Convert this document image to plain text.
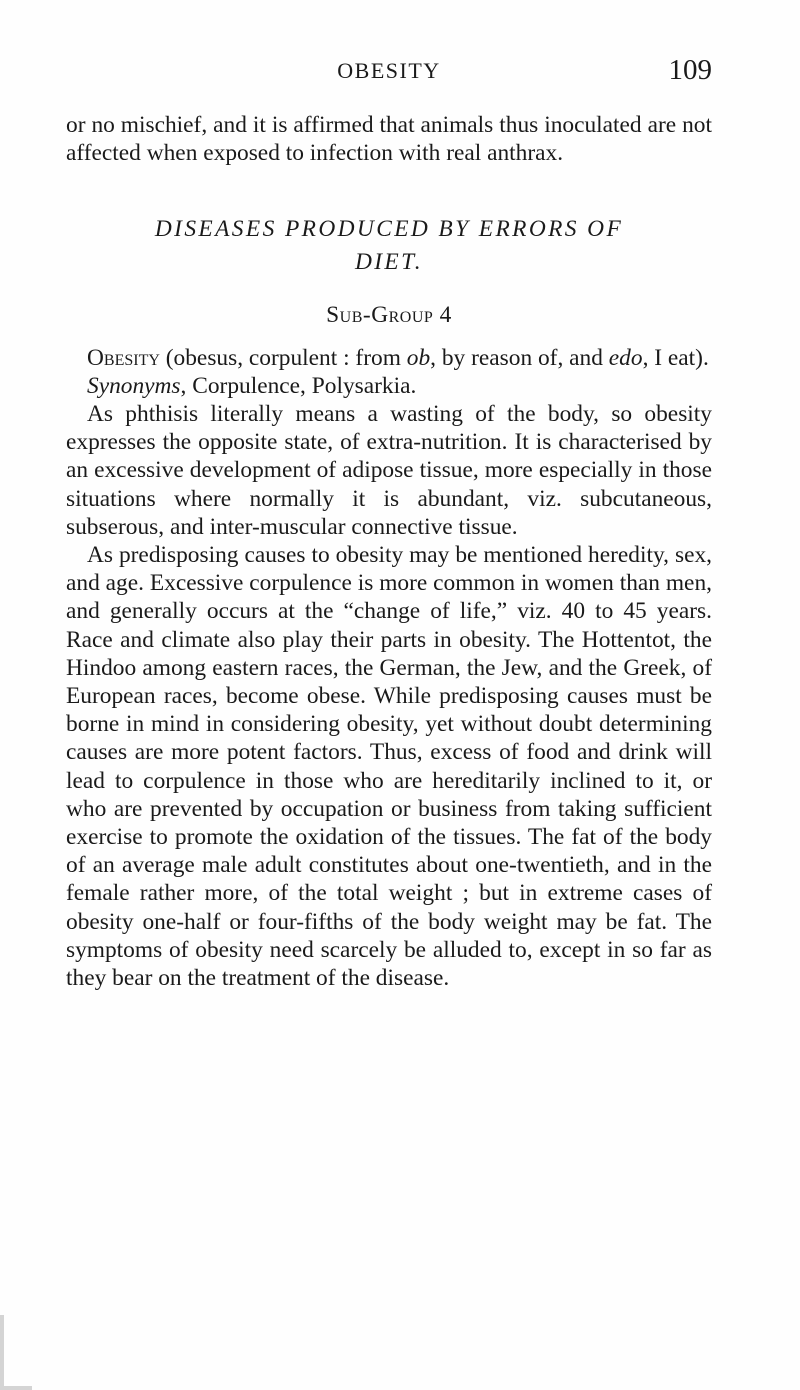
OBESITY	109

or no mischief, and it is affirmed that animals thus inoculated are not affected when exposed to infection with real anthrax.

DISEASES PRODUCED BY ERRORS OF
DIET.
Sub-Group 4

Obesity (obesus, corpulent : from ob, by reason of, and edo, I eat).

Synonyms, Corpulence, Polysarkia.

As phthisis literally means a wasting of the body, so obesity expresses the opposite state, of extra-nutrition. It is characterised by an excessive development of adipose tissue, more especially in those situations where normally it is abundant, viz. subcutaneous, subserous, and inter-muscular connective tissue.

As predisposing causes to obesity may be mentioned heredity, sex, and age. Excessive corpulence is more common in women than men, and generally occurs at the “change of life,” viz. 40 to 45 years. Race and climate also play their parts in obesity. The Hottentot, the Hindoo among eastern races, the German, the Jew, and the Greek, of European races, become obese. While predisposing causes must be borne in mind in considering obesity, yet without doubt determining causes are more potent factors. Thus, excess of food and drink will lead to corpulence in those who are hereditarily inclined to it, or who are prevented by occupation or business from taking sufficient exercise to promote the oxidation of the tissues. The fat of the body of an average male adult constitutes about one-twentieth, and in the female rather more, of the total weight ; but in extreme cases of obesity one-half or four-fifths of the body weight may be fat. The symptoms of obesity need scarcely be alluded to, except in so far as they bear on the treatment of the disease.
